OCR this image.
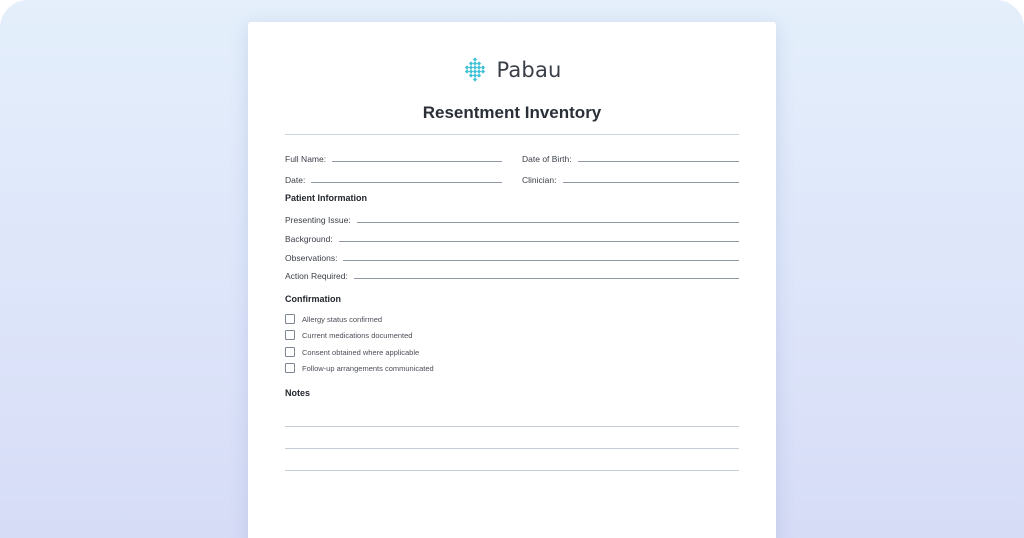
Pabau
Resentment Inventory
Full Name:	Date of Birth:
Date:	Clinician:
Patient Information
Presenting Issue:
Background:
Observations:
Action Required:
Confirmation
Allergy status confirmed
Current medications documented
Consent obtained where applicable
Follow-up arrangements communicated
Notes
